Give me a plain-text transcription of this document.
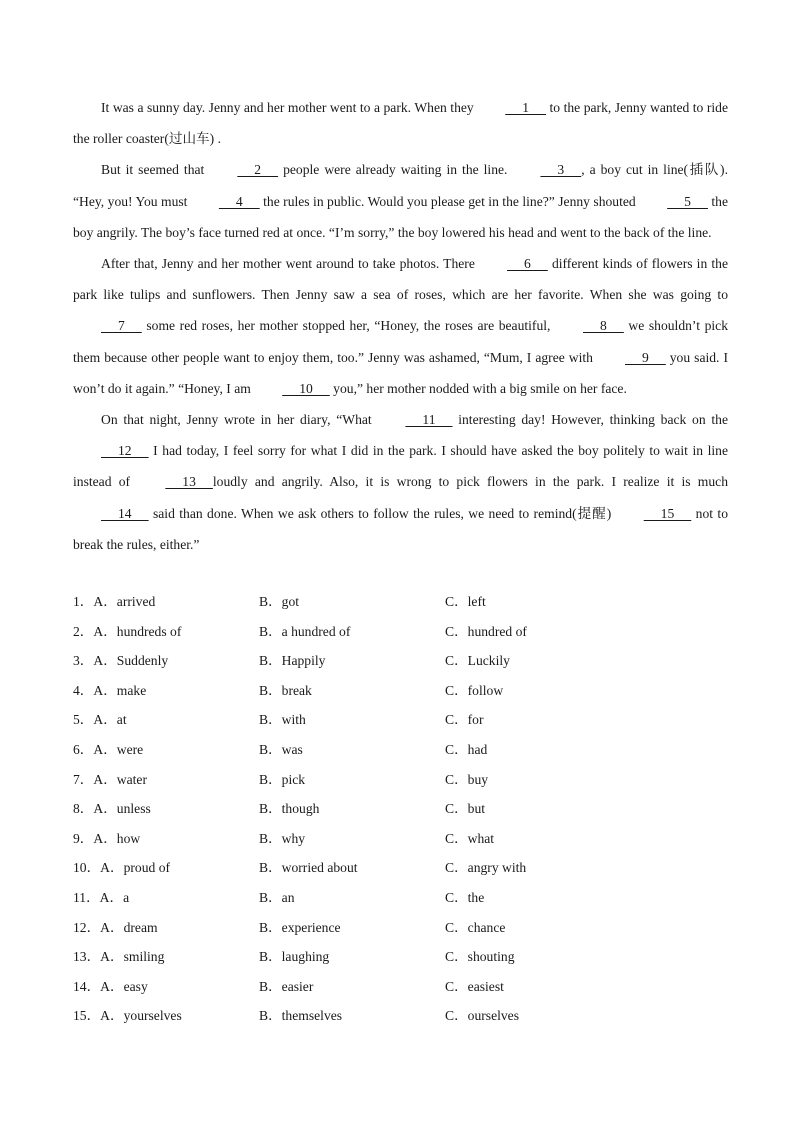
It was a sunny day. Jenny and her mother went to a park. When they      1      to the park, Jenny wanted to ride the roller coaster(过山车) .

But it seemed that      2      people were already waiting in the line.      3     , a boy cut in line(插队). “Hey, you! You must      4      the rules in public. Would you please get in the line?” Jenny shouted      5      the boy angrily. The boy’s face turned red at once. “I’m sorry,” the boy lowered his head and went to the back of the line.

After that, Jenny and her mother went around to take photos. There      6      different kinds of flowers in the park like tulips and sunflowers. Then Jenny saw a sea of roses, which are her favorite. When she was going to      7      some red roses, her mother stopped her, “Honey, the roses are beautiful,      8      we shouldn’t pick them because other people want to enjoy them, too.” Jenny was ashamed, “Mum, I agree with      9      you said. I won’t do it again.” “Honey, I am      10      you,” her mother nodded with a big smile on her face.

On that night, Jenny wrote in her diary, “What      11      interesting day! However, thinking back on the      12      I had today, I feel sorry for what I did in the park. I should have asked the boy politely to wait in line instead of      13     loudly and angrily. Also, it is wrong to pick flowers in the park. I realize it is much      14      said than done. When we ask others to follow the rules, we need to remind(提醒)      15      not to break the rules, either.”

1．A．arrived	B．got	C．left
2．A．hundreds of	B．a hundred of	C．hundred of
3．A．Suddenly	B．Happily	C．Luckily
4．A．make	B．break	C．follow
5．A．at	B．with	C．for
6．A．were	B．was	C．had
7．A．water	B．pick	C．buy
8．A．unless	B．though	C．but
9．A．how	B．why	C．what
10．A．proud of	B．worried about	C．angry with
11．A．a	B．an	C．the
12．A．dream	B．experience	C．chance
13．A．smiling	B．laughing	C．shouting
14．A．easy	B．easier	C．easiest
15．A．yourselves	B．themselves	C．ourselves
